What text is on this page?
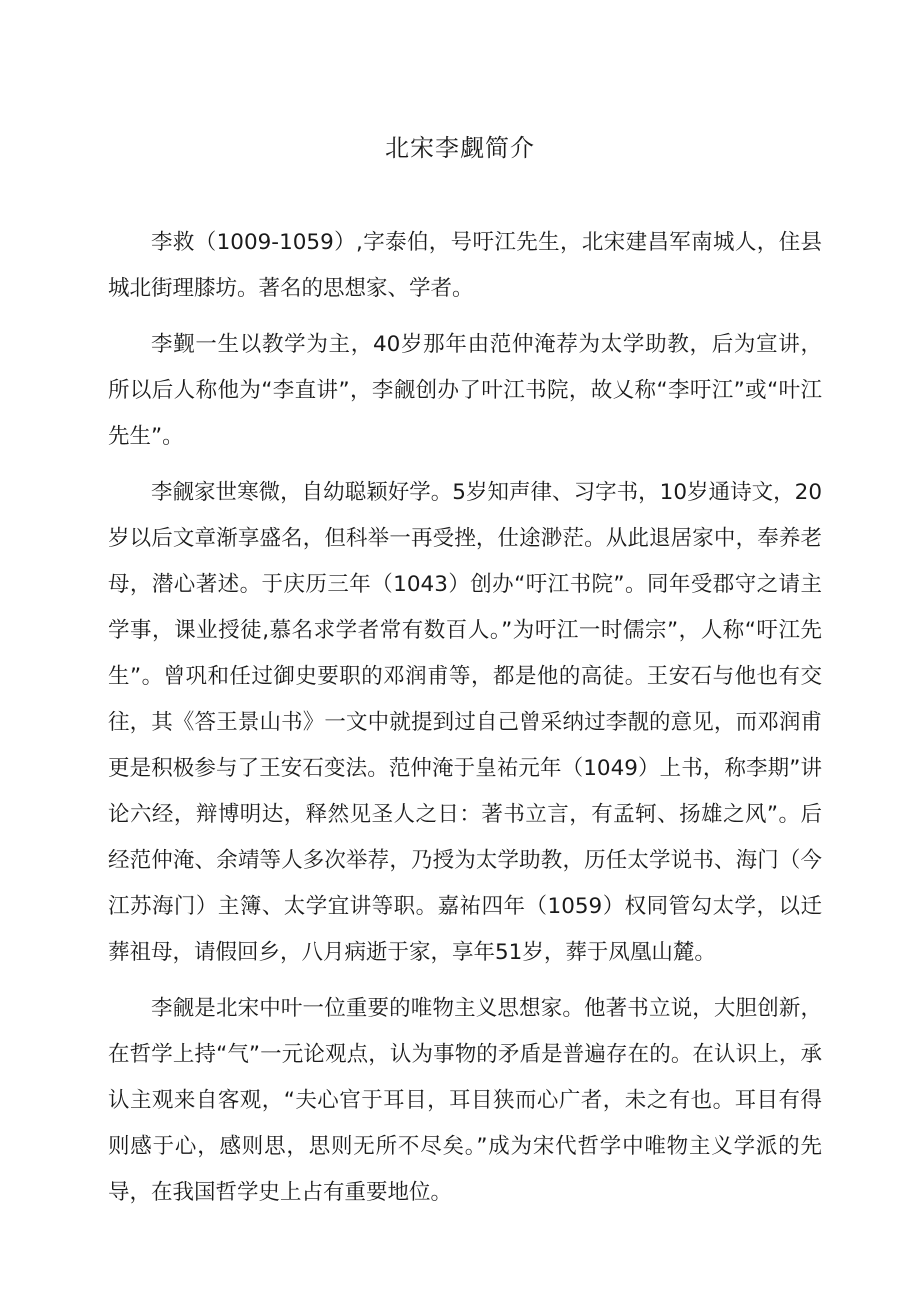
北宋李觑简介

李救（1009-1059）,字泰伯，号吁江先生，北宋建昌军南城人，住县城北街理膝坊。著名的思想家、学者。

李觐一生以教学为主，40岁那年由范仲淹荐为太学助教，后为宣讲，所以后人称他为“李直讲”，李觎创办了叶江书院，故乂称“李吁江”或“叶江先生”。

李觎家世寒微，自幼聪颖好学。5岁知声律、习字书，10岁通诗文，20岁以后文章渐享盛名，但科举一再受挫，仕途渺茫。从此退居家中，奉养老母，潜心著述。于庆历三年（1043）创办“吁江书院”。同年受郡守之请主学事，课业授徒,慕名求学者常有数百人。”为吁江一时儒宗”，人称“吁江先生”。曾巩和任过御史要职的邓润甫等，都是他的高徒。王安石与他也有交往，其《答王景山书》一文中就提到过自己曾采纳过李靓的意见，而邓润甫更是积极参与了王安石变法。范仲淹于皇祐元年（1049）上书，称李期”讲论六经，辩博明达，释然见圣人之日：著书立言，有孟轲、扬雄之风”。后经范仲淹、余靖等人多次举荐，乃授为太学助教，历任太学说书、海门（今江苏海门）主簿、太学宜讲等职。嘉祐四年（1059）权同管勾太学，以迁葬祖母，请假回乡，八月病逝于家，享年51岁，葬于凤凰山麓。

李觎是北宋中叶一位重要的唯物主义思想家。他著书立说，大胆创新，在哲学上持“气”一元论观点，认为事物的矛盾是普遍存在的。在认识上，承认主观来自客观，“夫心官于耳目，耳目狭而心广者，未之有也。耳目有得则感于心，感则思，思则无所不尽矣。”成为宋代哲学中唯物主义学派的先导，在我国哲学史上占有重要地位。
